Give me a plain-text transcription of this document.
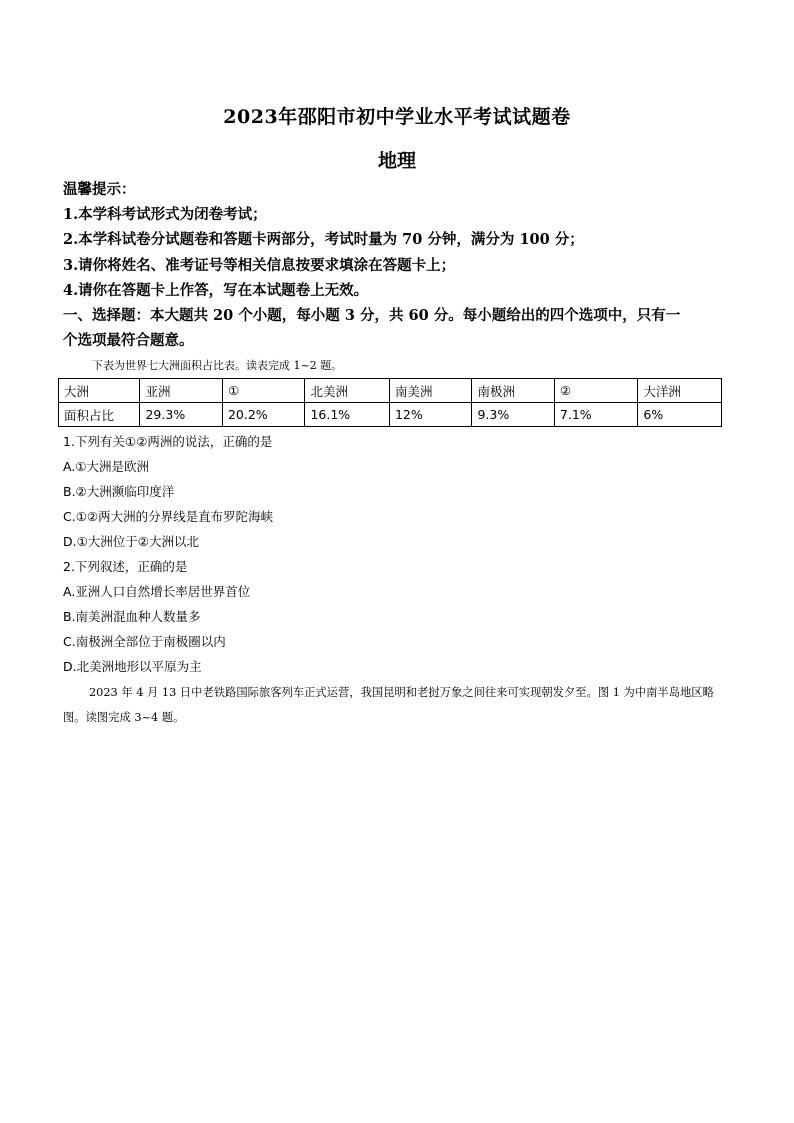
2023年邵阳市初中学业水平考试试题卷
地理
温馨提示：
1.本学科考试形式为闭卷考试；
2.本学科试卷分试题卷和答题卡两部分，考试时量为 70 分钟，满分为 100 分；
3.请你将姓名、准考证号等相关信息按要求填涂在答题卡上；
4.请你在答题卡上作答，写在本试题卷上无效。
一、选择题：本大题共 20 个小题，每小题 3 分，共 60 分。每小题给出的四个选项中，只有一
个选项最符合题意。
下表为世界七大洲面积占比表。读表完成 1~2 题。
大洲	亚洲	①	北美洲	南美洲	南极洲	②	大洋洲
面积占比	29.3%	20.2%	16.1%	12%	9.3%	7.1%	6%
1.下列有关①②两洲的说法，正确的是
A.①大洲是欧洲
B.②大洲濒临印度洋
C.①②两大洲的分界线是直布罗陀海峡
D.①大洲位于②大洲以北
2.下列叙述，正确的是
A.亚洲人口自然增长率居世界首位
B.南美洲混血种人数量多
C.南极洲全部位于南极圈以内
D.北美洲地形以平原为主
2023 年 4 月 13 日中老铁路国际旅客列车正式运营，我国昆明和老挝万象之间往来可实现朝发夕至。图 1 为中南半岛地区略图。读图完成 3~4 题。
